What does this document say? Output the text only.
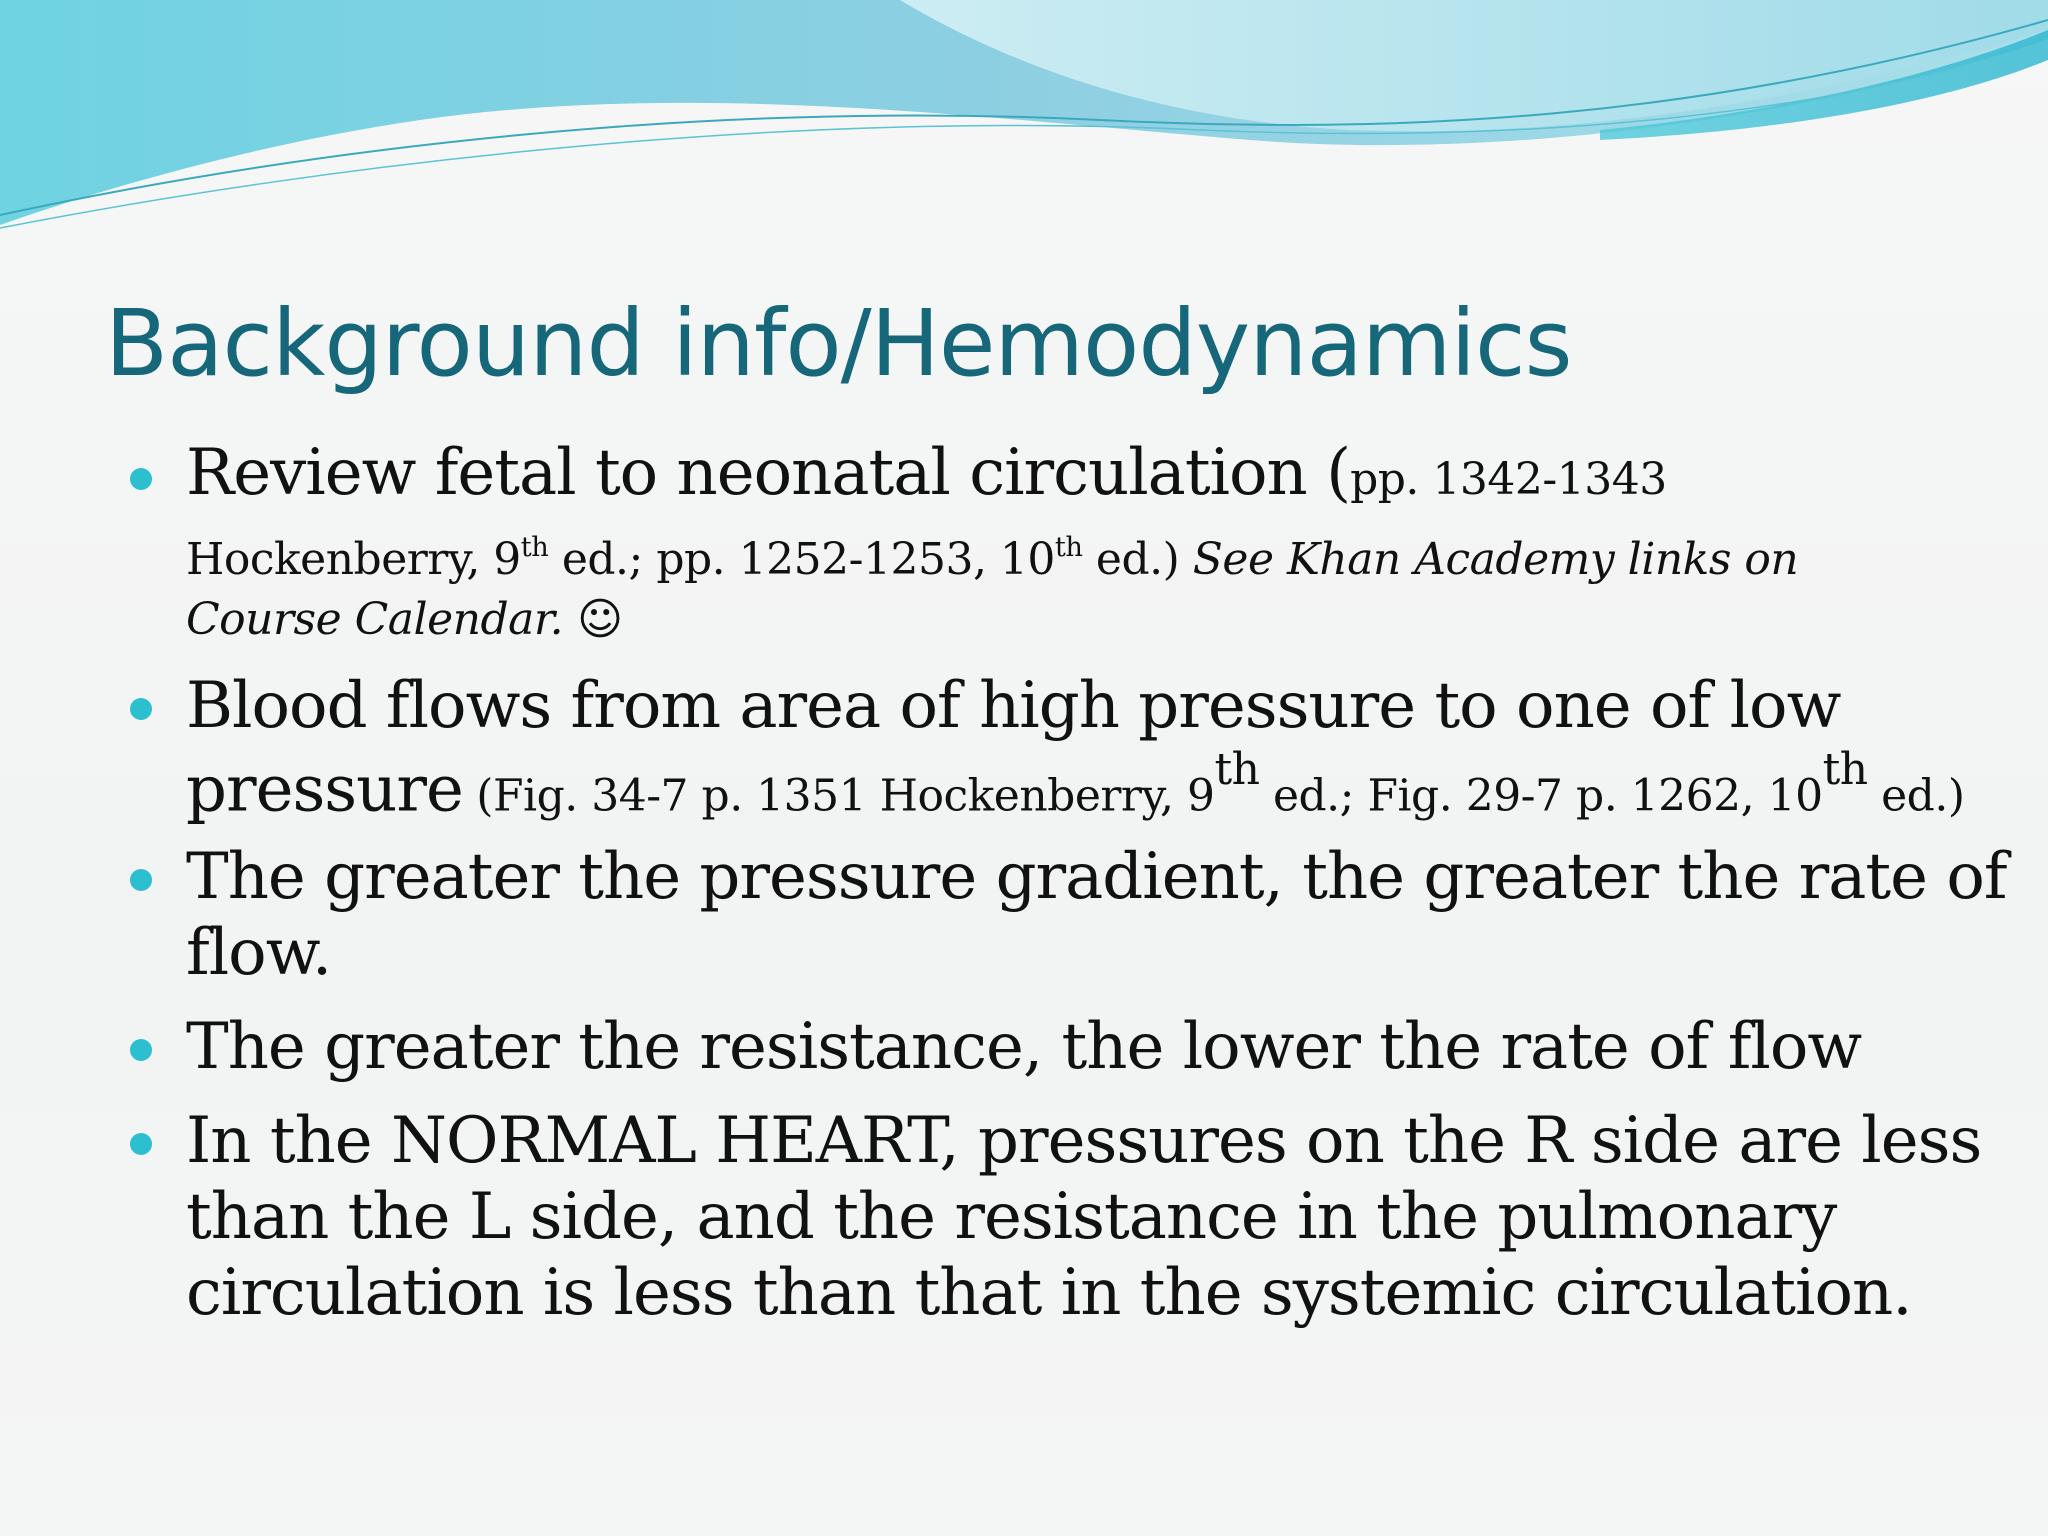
Background info/Hemodynamics
Review fetal to neonatal circulation (pp. 1342-1343
Hockenberry, 9th ed.; pp. 1252-1253, 10th ed.) See Khan Academy links on
Course Calendar. ☺
Blood flows from area of high pressure to one of low
pressure (Fig. 34-7 p. 1351 Hockenberry, 9th ed.; Fig. 29-7 p. 1262, 10th ed.)
The greater the pressure gradient, the greater the rate of
flow.
The greater the resistance, the lower the rate of flow
In the NORMAL HEART, pressures on the R side are less
than the L side, and the resistance in the pulmonary
circulation is less than that in the systemic circulation.
